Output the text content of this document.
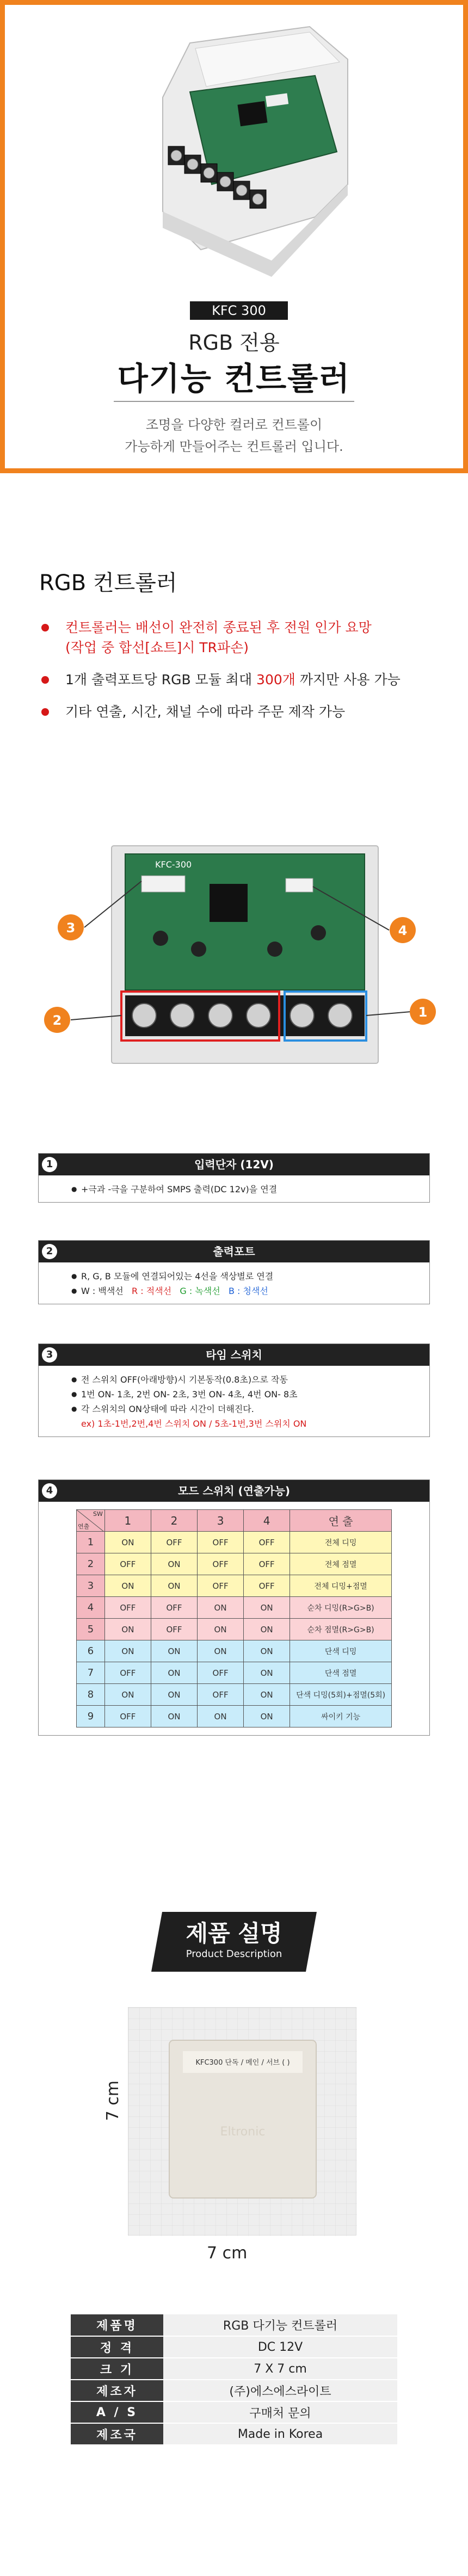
KFC 300
RGB 전용
다기능 컨트롤러
조명을 다양한 컬러로 컨트롤이
가능하게 만들어주는 컨트롤러 입니다.
RGB 컨트롤러
컨트롤러는 배선이 완전히 종료된 후 전원 인가 요망
(작업 중 합선[쇼트]시 TR파손)
1개 출력포트당 RGB 모듈 최대 300개 까지만 사용 가능
기타 연출, 시간, 채널 수에 따라 주문 제작 가능
KFC-300
3	4
2
1
1	입력단자 (12V)
● +극과 -극을 구분하여 SMPS 출력(DC 12v)을 연결
2	출력포트
● R, G, B 모듈에 연결되어있는 4선을 색상별로 연결
● W : 백색선 R : 적색선 G : 녹색선 B : 청색선
3	타임 스위치
● 전 스위치 OFF(아래방향)시 기본동작(0.8초)으로 작동
● 1번 ON- 1초, 2번 ON- 2초, 3번 ON- 4초, 4번 ON- 8초
● 각 스위치의 ON상태에 따라 시간이 더해진다.
ex) 1초-1번,2번,4번 스위치 ON / 5초-1번,3번 스위치 ON
4	모드 스위치 (연출가능)
SW
연출	1	2	3	4	연 출
1	ON	OFF	OFF	OFF	전체 디밍
2	OFF	ON	OFF	OFF	전체 점멸
3	ON	ON	OFF	OFF	전체 디밍+점멸
4	OFF	OFF	ON	ON	순차 디밍(R>G>B)
5	ON	OFF	ON	ON	순차 점멸(R>G>B)
6	ON	ON	ON	ON	단색 디밍
7	OFF	ON	OFF	ON	단색 점멸
8	ON	ON	OFF	ON	단색 디밍(5회)+점멸(5회)
9	OFF	ON	ON	ON	싸이키 기능
제품 설명
Product Description
KFC300 단독 / 메인 / 서브 ( )
Eltronic
7 cm
7 cm
제품명	RGB 다기능 컨트롤러
정 격	DC 12V
크 기	7 X 7 cm
제조자	(주)에스에스라이트
A / S	구매처 문의
제조국	Made in Korea
